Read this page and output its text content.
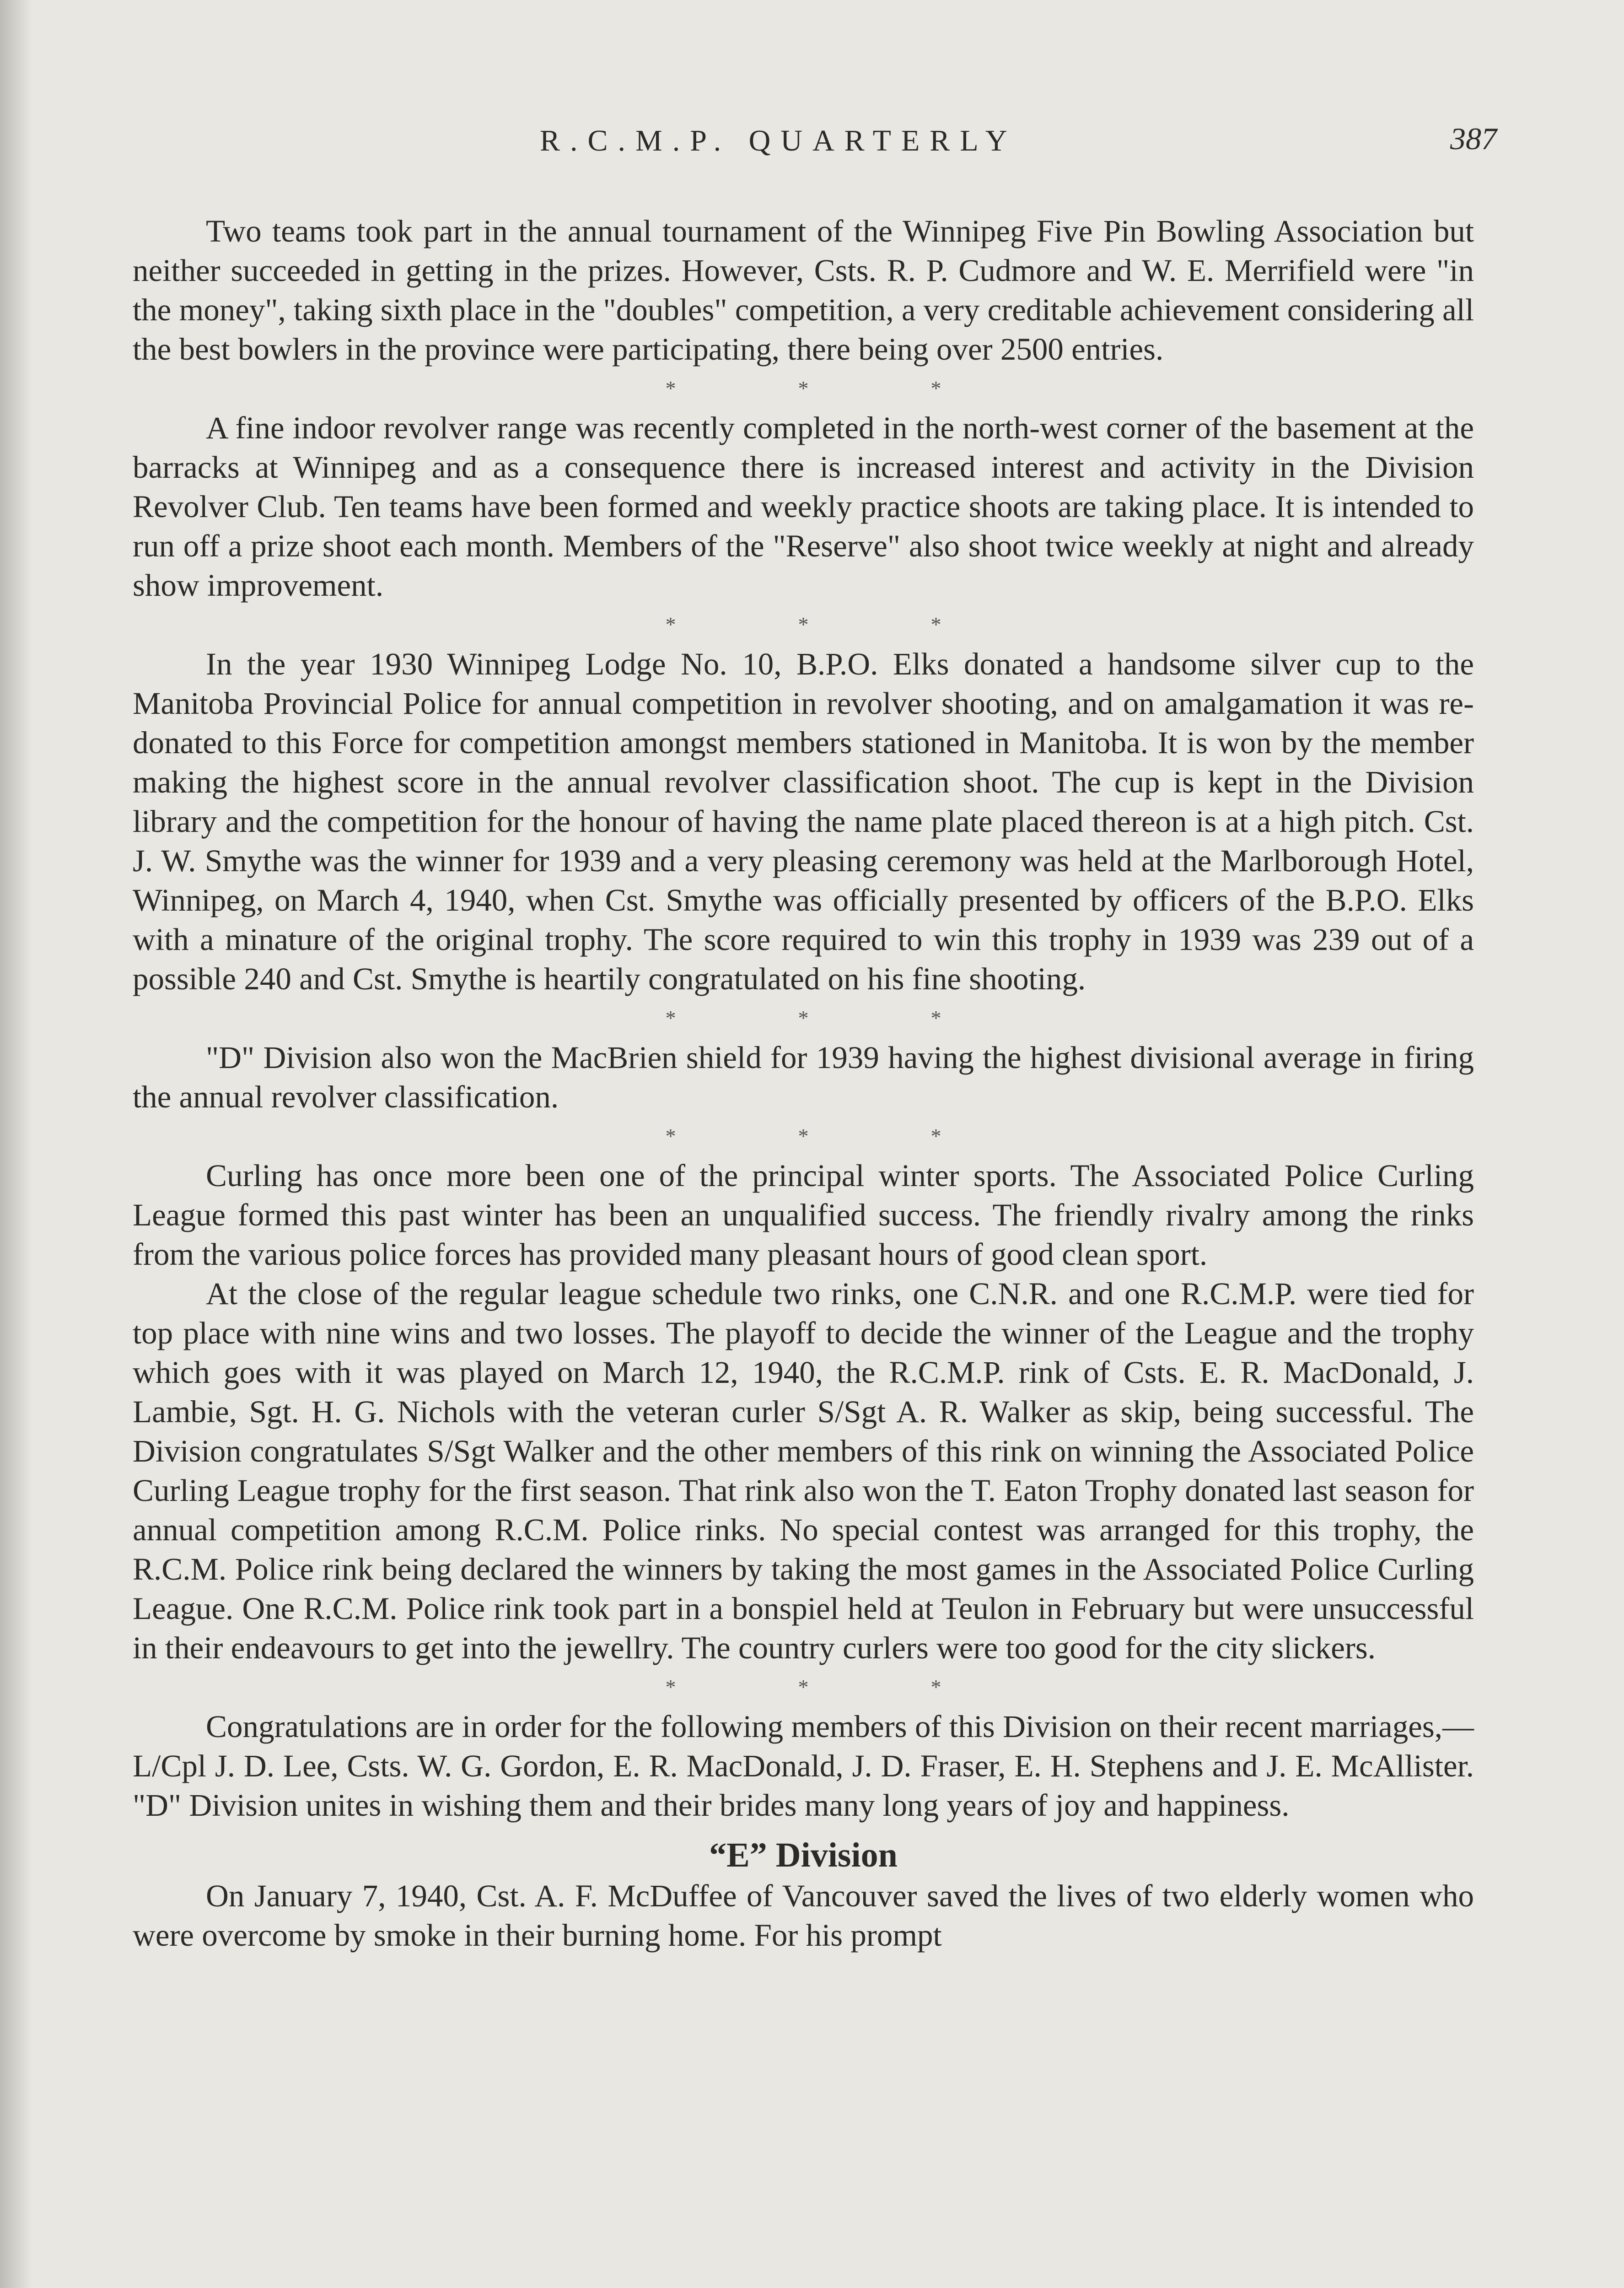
R.C.M.P. QUARTERLY	387

Two teams took part in the annual tournament of the Winnipeg Five Pin Bowling Association but neither succeeded in getting in the prizes. However, Csts. R. P. Cudmore and W. E. Merrifield were "in the money", taking sixth place in the "doubles" competition, a very creditable achievement considering all the best bowlers in the province were participating, there being over 2500 entries.

*	*	*

A fine indoor revolver range was recently completed in the north-west corner of the basement at the barracks at Winnipeg and as a consequence there is increased interest and activity in the Division Revolver Club. Ten teams have been formed and weekly practice shoots are taking place. It is intended to run off a prize shoot each month. Members of the "Reserve" also shoot twice weekly at night and already show improvement.

*	*	*

In the year 1930 Winnipeg Lodge No. 10, B.P.O. Elks donated a handsome silver cup to the Manitoba Provincial Police for annual competition in revolver shooting, and on amalgamation it was re-donated to this Force for competition amongst members stationed in Manitoba. It is won by the member making the highest score in the annual revolver classification shoot. The cup is kept in the Division library and the competition for the honour of having the name plate placed thereon is at a high pitch. Cst. J. W. Smythe was the winner for 1939 and a very pleasing ceremony was held at the Marlborough Hotel, Winnipeg, on March 4, 1940, when Cst. Smythe was officially presented by officers of the B.P.O. Elks with a minature of the original trophy. The score required to win this trophy in 1939 was 239 out of a possible 240 and Cst. Smythe is heartily congratulated on his fine shooting.

*	*	*

"D" Division also won the MacBrien shield for 1939 having the highest divisional average in firing the annual revolver classification.

*	*	*

Curling has once more been one of the principal winter sports. The Associated Police Curling League formed this past winter has been an unqualified success. The friendly rivalry among the rinks from the various police forces has provided many pleasant hours of good clean sport.

At the close of the regular league schedule two rinks, one C.N.R. and one R.C.M.P. were tied for top place with nine wins and two losses. The playoff to decide the winner of the League and the trophy which goes with it was played on March 12, 1940, the R.C.M.P. rink of Csts. E. R. MacDonald, J. Lambie, Sgt. H. G. Nichols with the veteran curler S/Sgt A. R. Walker as skip, being successful. The Division congratulates S/Sgt Walker and the other members of this rink on winning the Associated Police Curling League trophy for the first season. That rink also won the T. Eaton Trophy donated last season for annual competition among R.C.M. Police rinks. No special contest was arranged for this trophy, the R.C.M. Police rink being declared the winners by taking the most games in the Associated Police Curling League. One R.C.M. Police rink took part in a bonspiel held at Teulon in February but were unsuccessful in their endeavours to get into the jewellry. The country curlers were too good for the city slickers.

*	*	*

Congratulations are in order for the following members of this Division on their recent marriages,—L/Cpl J. D. Lee, Csts. W. G. Gordon, E. R. MacDonald, J. D. Fraser, E. H. Stephens and J. E. McAllister. "D" Division unites in wishing them and their brides many long years of joy and happiness.

“E” Division

On January 7, 1940, Cst. A. F. McDuffee of Vancouver saved the lives of two elderly women who were overcome by smoke in their burning home. For his prompt
